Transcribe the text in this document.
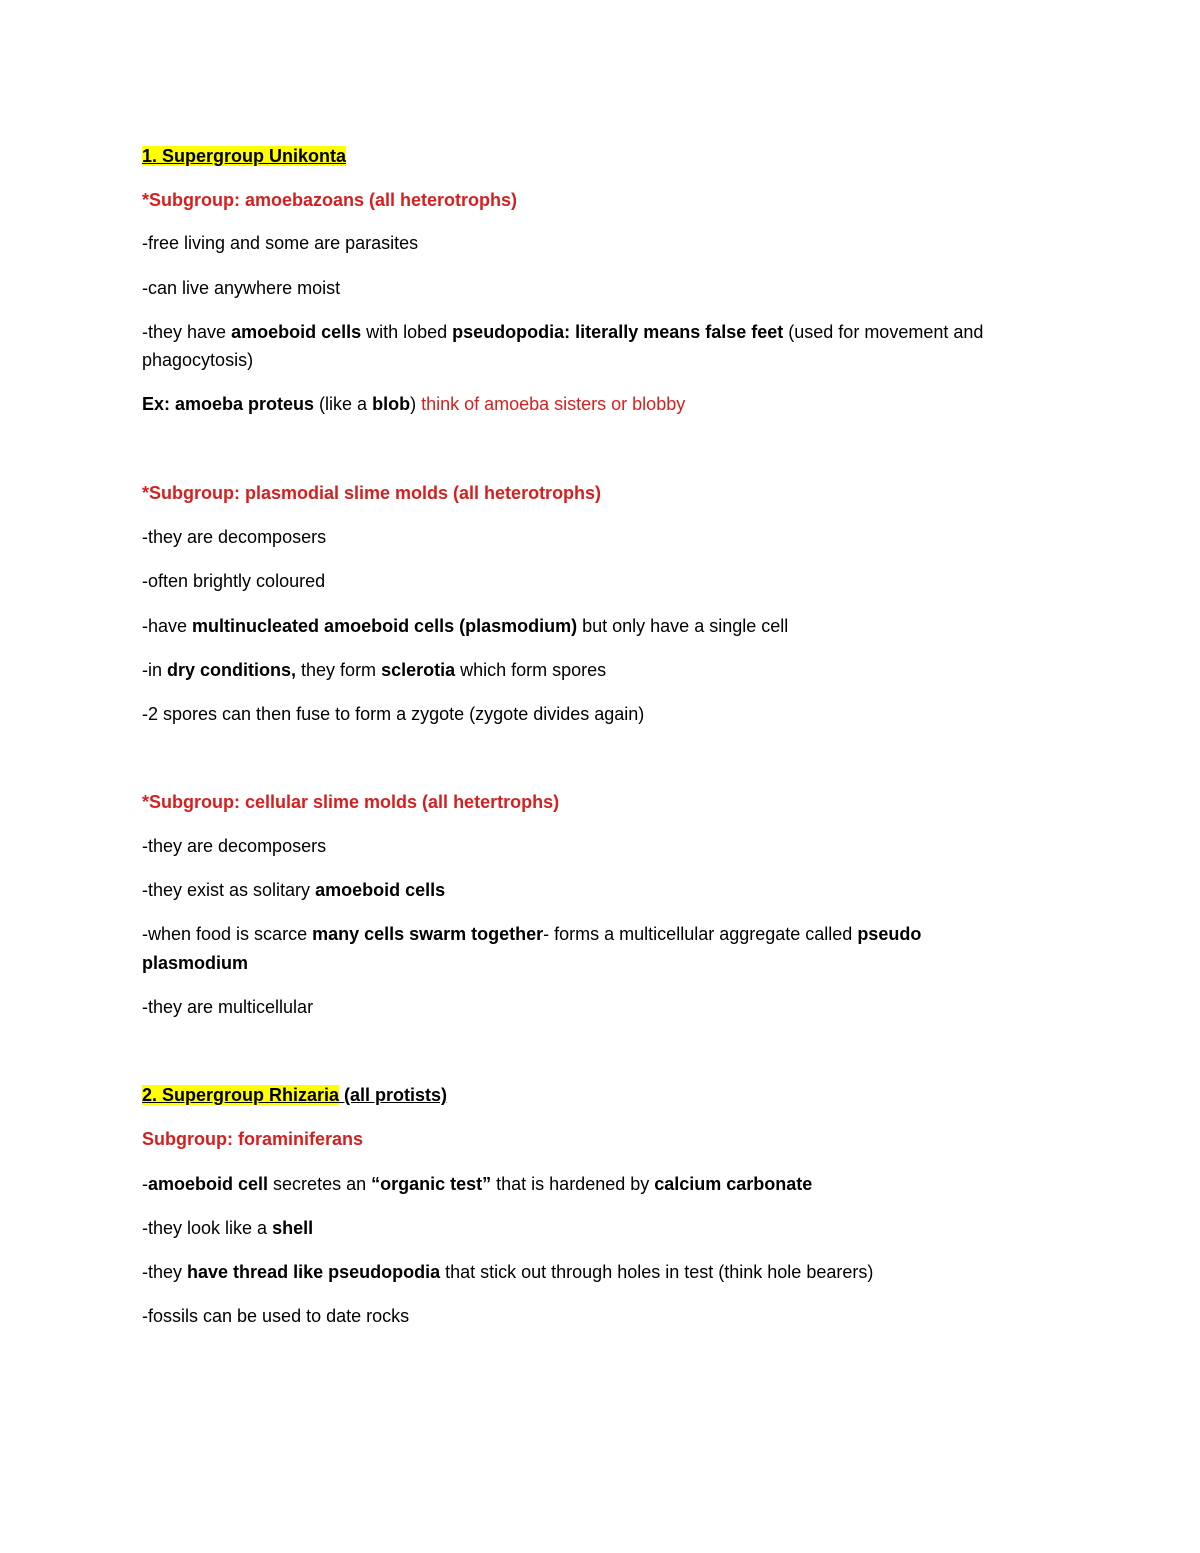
1. Supergroup Unikonta
*Subgroup: amoebazoans (all heterotrophs)
-free living and some are parasites
-can live anywhere moist
-they have amoeboid cells with lobed pseudopodia: literally means false feet (used for movement and
phagocytosis)
Ex: amoeba proteus (like a blob) think of amoeba sisters or blobby
*Subgroup: plasmodial slime molds (all heterotrophs)
-they are decomposers
-often brightly coloured
-have multinucleated amoeboid cells (plasmodium) but only have a single cell
-in dry conditions, they form sclerotia which form spores
-2 spores can then fuse to form a zygote (zygote divides again)
*Subgroup: cellular slime molds (all hetertrophs)
-they are decomposers
-they exist as solitary amoeboid cells
-when food is scarce many cells swarm together- forms a multicellular aggregate called pseudo
plasmodium
-they are multicellular
2. Supergroup Rhizaria (all protists)
Subgroup: foraminiferans
-amoeboid cell secretes an “organic test” that is hardened by calcium carbonate
-they look like a shell
-they have thread like pseudopodia that stick out through holes in test (think hole bearers)
-fossils can be used to date rocks
